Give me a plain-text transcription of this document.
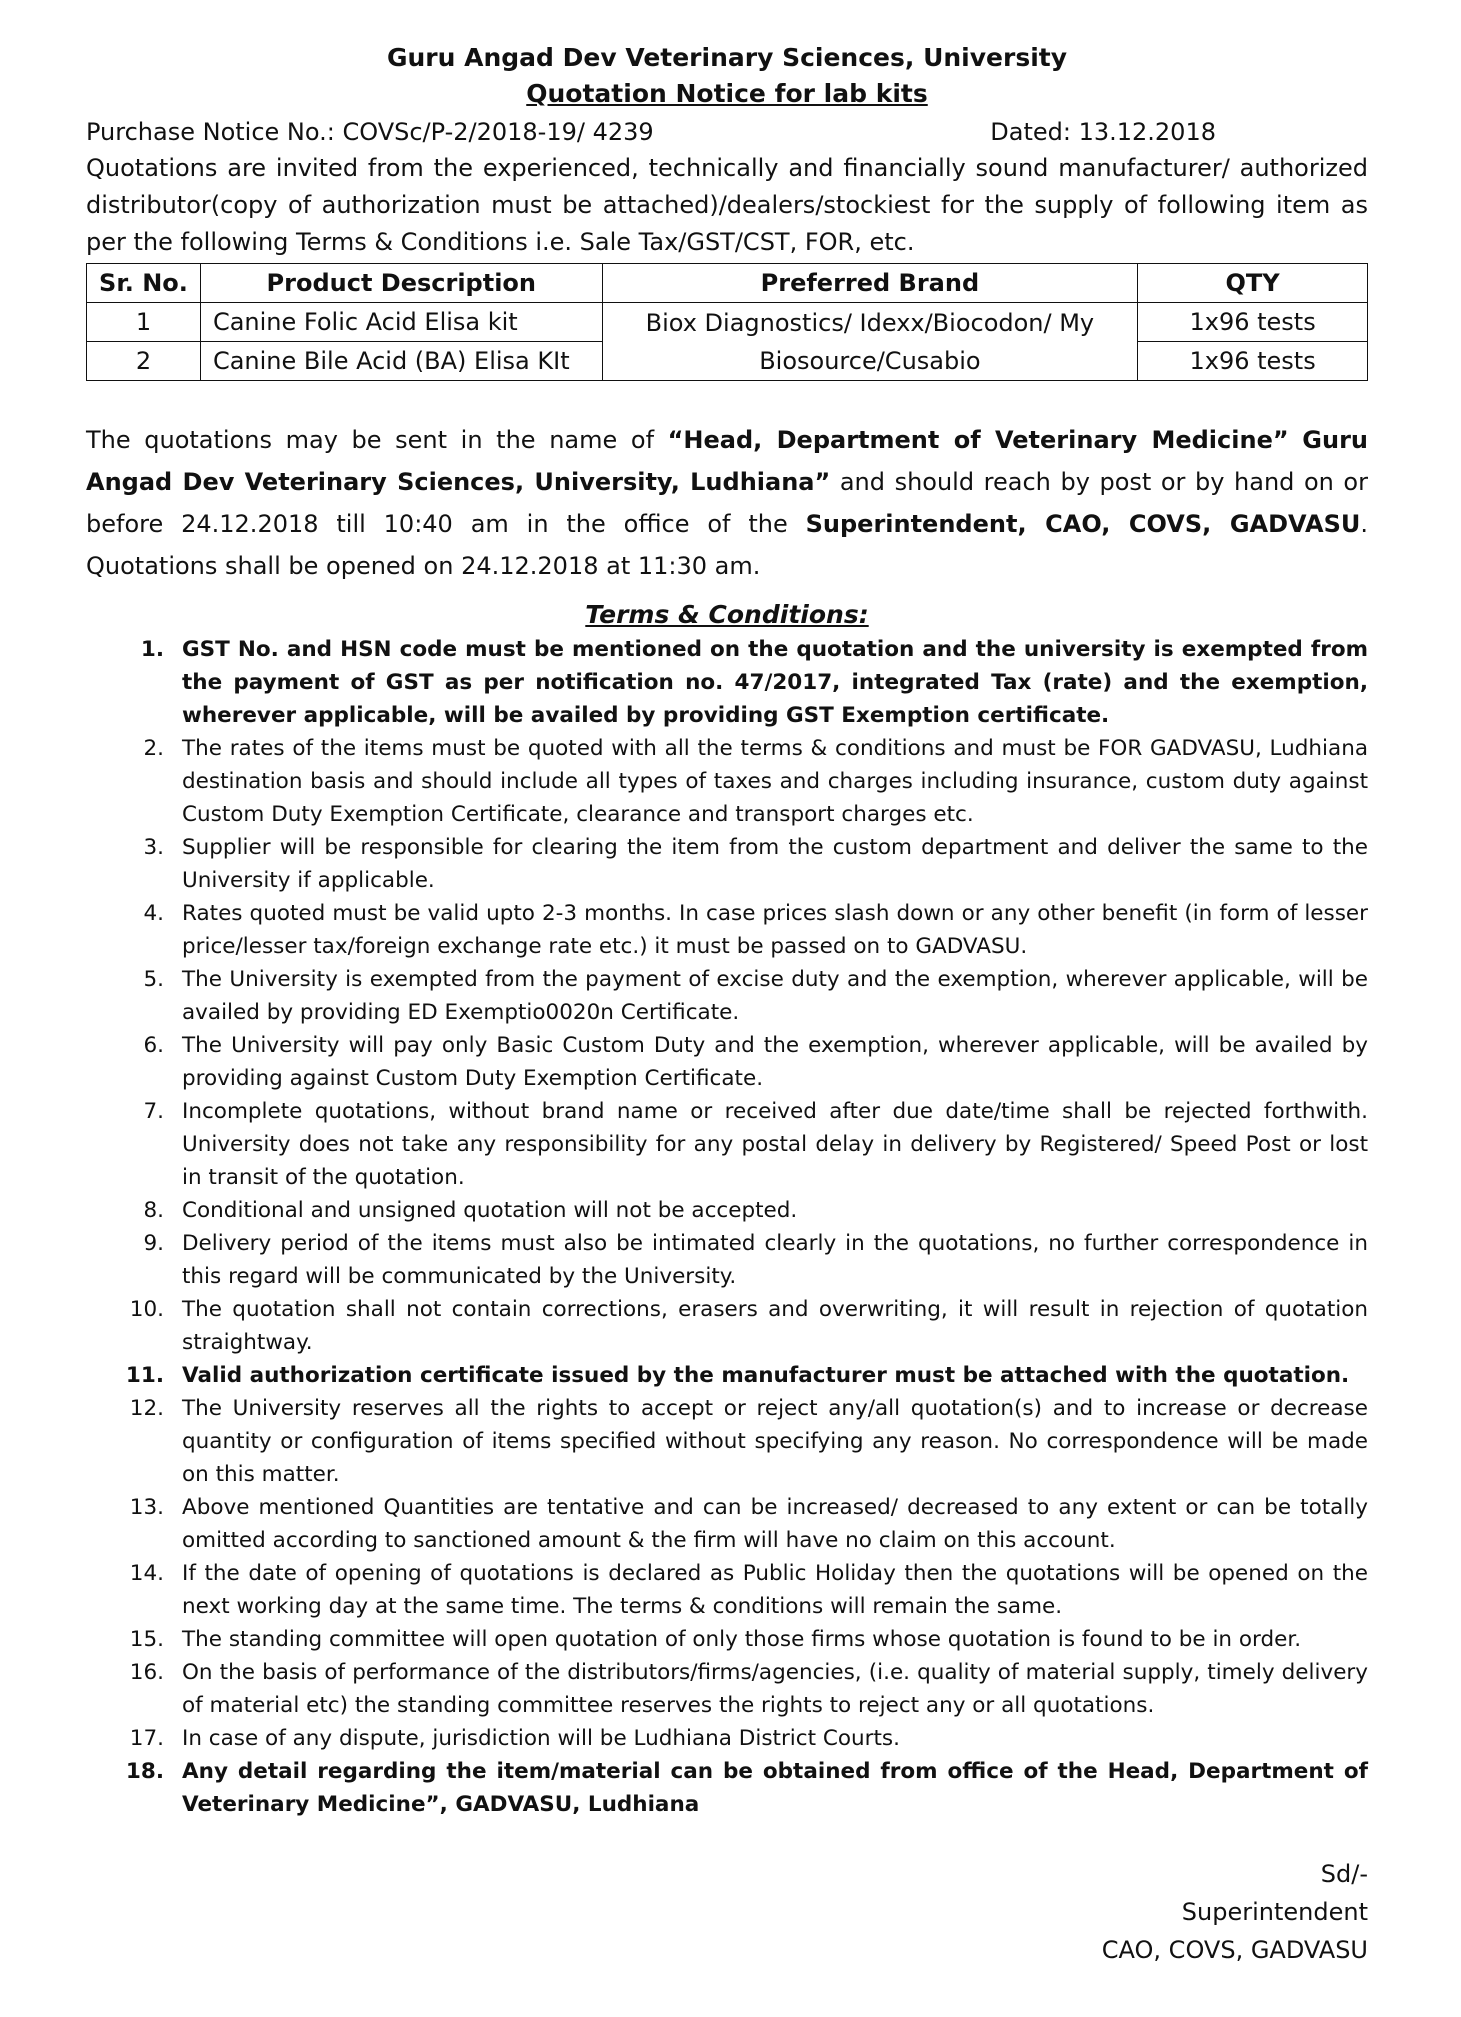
Guru Angad Dev Veterinary Sciences, University
Quotation Notice for lab kits
Purchase Notice No.: COVSc/P-2/2018-19/ 4239	Dated: 13.12.2018

Quotations are invited from the experienced, technically and financially sound manufacturer/ authorized distributor(copy of authorization must be attached)/dealers/stockiest for the supply of following item as per the following Terms & Conditions i.e. Sale Tax/GST/CST, FOR, etc.

Sr. No.	Product Description	Preferred Brand	QTY
1	Canine Folic Acid Elisa kit	Biox Diagnostics/ Idexx/Biocodon/ My Biosource/Cusabio	1x96 tests
2	Canine Bile Acid (BA) Elisa KIt		1x96 tests
The quotations may be sent in the name of “Head, Department of Veterinary Medicine” Guru Angad Dev Veterinary Sciences, University, Ludhiana” and should reach by post or by hand on or before 24.12.2018 till 10:40 am in the office of the Superintendent, CAO, COVS, GADVASU. Quotations shall be opened on 24.12.2018 at 11:30 am.
Terms & Conditions:
1. GST No. and HSN code must be mentioned on the quotation and the university is exempted from the payment of GST as per notification no. 47/2017, integrated Tax (rate) and the exemption, wherever applicable, will be availed by providing GST Exemption certificate.
2. The rates of the items must be quoted with all the terms & conditions and must be FOR GADVASU, Ludhiana destination basis and should include all types of taxes and charges including insurance, custom duty against Custom Duty Exemption Certificate, clearance and transport charges etc.
3. Supplier will be responsible for clearing the item from the custom department and deliver the same to the University if applicable.
4. Rates quoted must be valid upto 2-3 months. In case prices slash down or any other benefit (in form of lesser price/lesser tax/foreign exchange rate etc.) it must be passed on to GADVASU.
5. The University is exempted from the payment of excise duty and the exemption, wherever applicable, will be availed by providing ED Exemptio0020n Certificate.
6. The University will pay only Basic Custom Duty and the exemption, wherever applicable, will be availed by providing against Custom Duty Exemption Certificate.
7. Incomplete quotations, without brand name or received after due date/time shall be rejected forthwith. University does not take any responsibility for any postal delay in delivery by Registered/ Speed Post or lost in transit of the quotation.
8. Conditional and unsigned quotation will not be accepted.
9. Delivery period of the items must also be intimated clearly in the quotations, no further correspondence in this regard will be communicated by the University.
10. The quotation shall not contain corrections, erasers and overwriting, it will result in rejection of quotation straightway.
11. Valid authorization certificate issued by the manufacturer must be attached with the quotation.
12. The University reserves all the rights to accept or reject any/all quotation(s) and to increase or decrease quantity or configuration of items specified without specifying any reason. No correspondence will be made on this matter.
13. Above mentioned Quantities are tentative and can be increased/ decreased to any extent or can be totally omitted according to sanctioned amount & the firm will have no claim on this account.
14. If the date of opening of quotations is declared as Public Holiday then the quotations will be opened on the next working day at the same time. The terms & conditions will remain the same.
15. The standing committee will open quotation of only those firms whose quotation is found to be in order.
16. On the basis of performance of the distributors/firms/agencies, (i.e. quality of material supply, timely delivery of material etc) the standing committee reserves the rights to reject any or all quotations.
17. In case of any dispute, jurisdiction will be Ludhiana District Courts.
18. Any detail regarding the item/material can be obtained from office of the Head, Department of Veterinary Medicine”, GADVASU, Ludhiana
Sd/-
Superintendent
CAO, COVS, GADVASU
